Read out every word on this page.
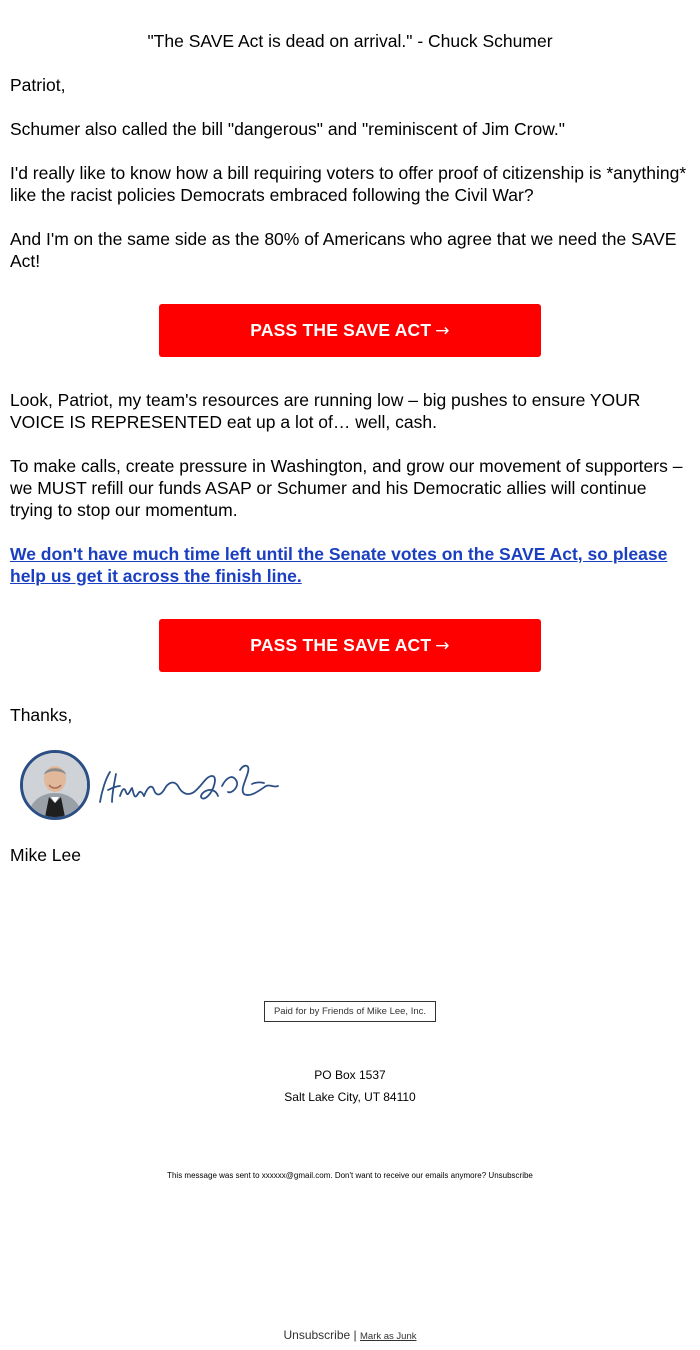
"The SAVE Act is dead on arrival." - Chuck Schumer

Patriot,

Schumer also called the bill "dangerous" and "reminiscent of Jim Crow."

I'd really like to know how a bill requiring voters to offer proof of citizenship is *anything* like the racist policies Democrats embraced following the Civil War?

And I'm on the same side as the 80% of Americans who agree that we need the SAVE Act!

PASS THE SAVE ACT →

Look, Patriot, my team's resources are running low – big pushes to ensure YOUR VOICE IS REPRESENTED eat up a lot of… well, cash.

To make calls, create pressure in Washington, and grow our movement of supporters – we MUST refill our funds ASAP or Schumer and his Democratic allies will continue trying to stop our momentum.

We don't have much time left until the Senate votes on the SAVE Act, so please help us get it across the finish line.
PASS THE SAVE ACT →

Thanks,

Mike Lee

Paid for by Friends of Mike Lee, Inc.
PO Box 1537
Salt Lake City, UT 84110
This message was sent to xxxxxx@gmail.com. Don't want to receive our emails anymore? Unsubscribe
Unsubscribe | Mark as Junk
